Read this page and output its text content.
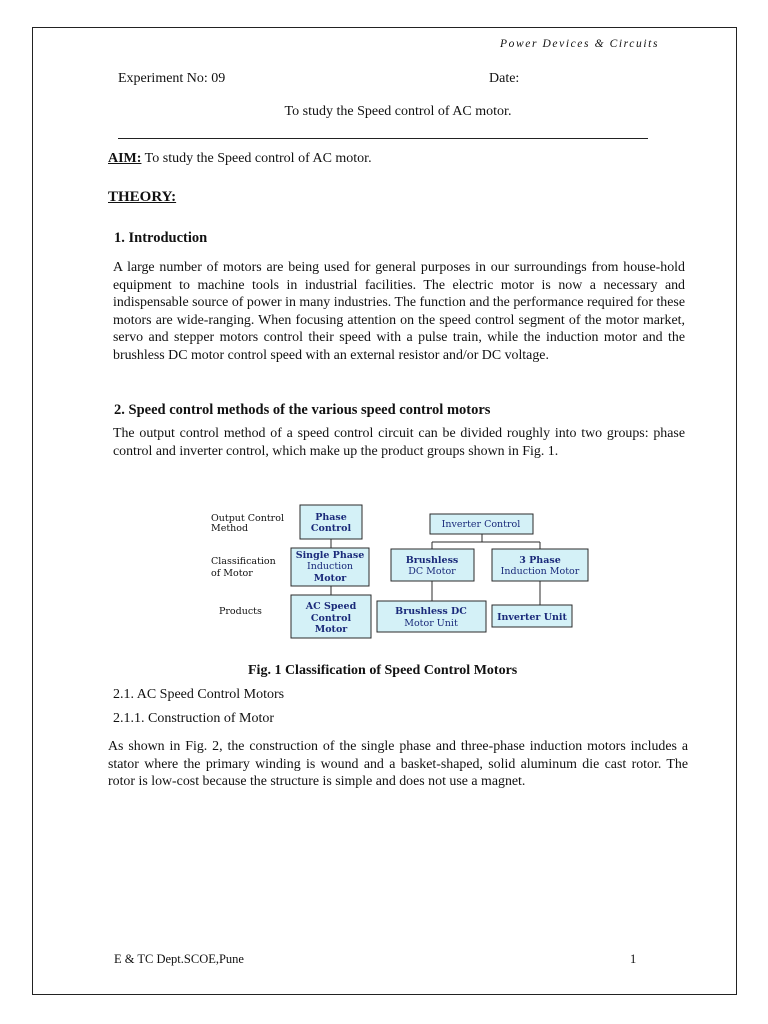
Power Devices & Circuits
Experiment No: 09	Date:
To study the Speed control of AC motor.
AIM: To study the Speed control of AC motor.
THEORY:
1. Introduction
A large number of motors are being used for general purposes in our surroundings from house-hold equipment to machine tools in industrial facilities. The electric motor is now a necessary and indispensable source of power in many industries. The function and the performance required for these motors are wide-ranging. When focusing attention on the speed control segment of the motor market, servo and stepper motors control their speed with a pulse train, while the induction motor and the brushless DC motor control speed with an external resistor and/or DC voltage.
2. Speed control methods of the various speed control motors
The output control method of a speed control circuit can be divided roughly into two groups: phase control and inverter control, which make up the product groups shown in Fig. 1.
Output Control
Method
Classification
of Motor
Products
Phase
Control	Inverter Control
Single Phase
Induction
Motor
Brushless
DC Motor
3 Phase
Induction Motor
AC Speed
Control
Motor
Brushless DC
Motor Unit
Inverter Unit
Fig. 1 Classification of Speed Control Motors
2.1. AC Speed Control Motors
2.1.1. Construction of Motor
As shown in Fig. 2, the construction of the single phase and three-phase induction motors includes a stator where the primary winding is wound and a basket-shaped, solid aluminum die cast rotor. The rotor is low-cost because the structure is simple and does not use a magnet.
E & TC Dept.SCOE,Pune	1
